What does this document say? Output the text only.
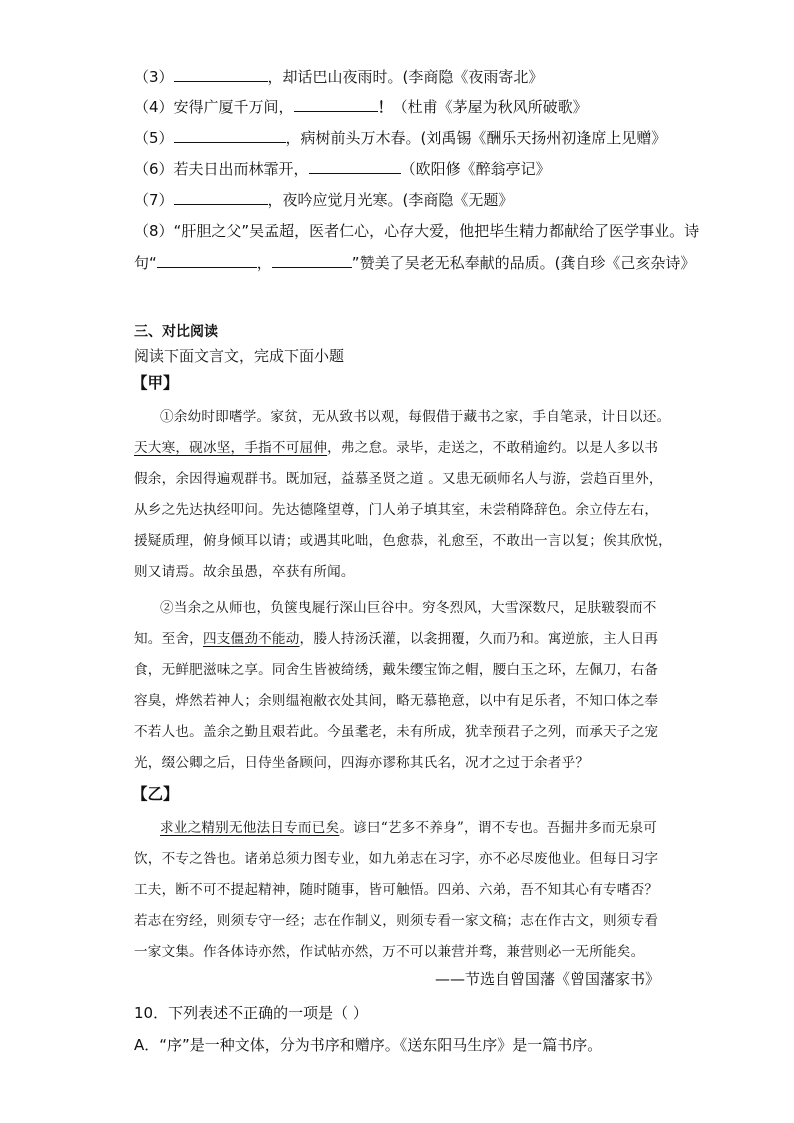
（3）	，却话巴山夜雨时。(李商隐《夜雨寄北》
（4）安得广厦千万间，	！（杜甫《茅屋为秋风所破歌》
（5）	，病树前头万木春。(刘禹锡《酬乐天扬州初逢席上见赠》
（6）若夫日出而林霏开，	（欧阳修《醉翁亭记》
（7）	，夜吟应觉月光寒。(李商隐《无题》
（8）“肝胆之父”吴孟超，医者仁心，心存大爱，他把毕生精力都献给了医学事业。诗
句“	，	”赞美了吴老无私奉献的品质。(龚自珍《己亥杂诗》
三、对比阅读
阅读下面文言文，完成下面小题
【甲】
①余幼时即嗜学。家贫，无从致书以观，每假借于藏书之家，手自笔录，计日以还。
天大寒，砚冰坚，手指不可屈伸，弗之怠。录毕，走送之，不敢稍逾约。以是人多以书
假余，余因得遍观群书。既加冠，益慕圣贤之道 。又患无硕师名人与游，尝趋百里外，
从乡之先达执经叩问。先达德隆望尊，门人弟子填其室，未尝稍降辞色。余立侍左右，
援疑质理，俯身倾耳以请；或遇其叱咄，色愈恭，礼愈至，不敢出一言以复；俟其欣悦，
则又请焉。故余虽愚，卒获有所闻。
②当余之从师也，负箧曳屣行深山巨谷中。穷冬烈风，大雪深数尺，足肤皲裂而不
知。至舍，四支僵劲不能动，媵人持汤沃灌，以衾拥覆，久而乃和。寓逆旅，主人日再
食，无鲜肥滋味之享。同舍生皆被绮绣，戴朱缨宝饰之帽，腰白玉之环，左佩刀，右备
容臭，烨然若神人；余则缊袍敝衣处其间，略无慕艳意，以中有足乐者，不知口体之奉
不若人也。盖余之勤且艰若此。今虽耄老，未有所成，犹幸预君子之列，而承天子之宠
光，缀公卿之后，日侍坐备顾问，四海亦谬称其氏名，况才之过于余者乎？
【乙】
求业之精别无他法日专而已矣。谚曰“艺多不养身”，谓不专也。吾掘井多而无泉可
饮，不专之咎也。诸弟总须力图专业，如九弟志在习字，亦不必尽废他业。但每日习字
工夫，断不可不提起精神，随时随事，皆可触悟。四弟、六弟，吾不知其心有专嗜否？
若志在穷经，则须专守一经；志在作制义，则须专看一家文稿；志在作古文，则须专看
一家文集。作各体诗亦然，作试帖亦然，万不可以兼营并骛，兼营则必一无所能矣。
——节选自曾国藩《曾国藩家书》
10．下列表述不正确的一项是（ ）
A．“序”是一种文体，分为书序和赠序。《送东阳马生序》是一篇书序。
